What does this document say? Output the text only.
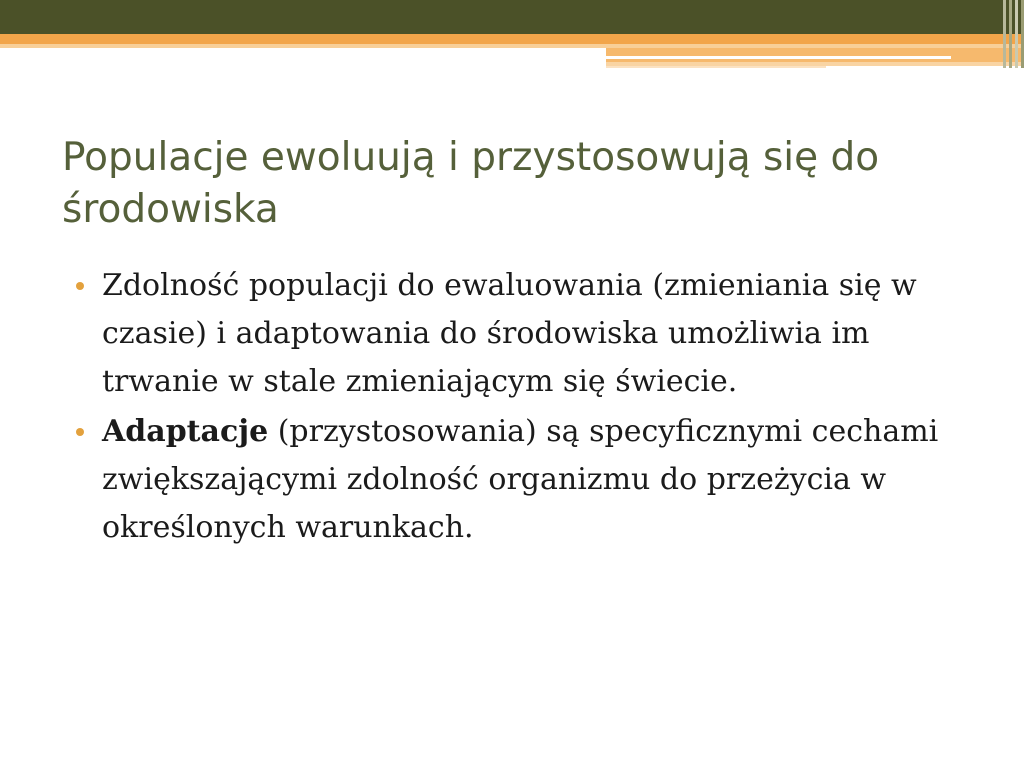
Populacje ewoluują i przystosowują się do środowiska
Zdolność populacji do ewaluowania (zmieniania się w czasie) i adaptowania do środowiska umożliwia im trwanie w stale zmieniającym się świecie.
Adaptacje (przystosowania) są specyficznymi cechami zwiększającymi zdolność organizmu do przeżycia w określonych warunkach.
